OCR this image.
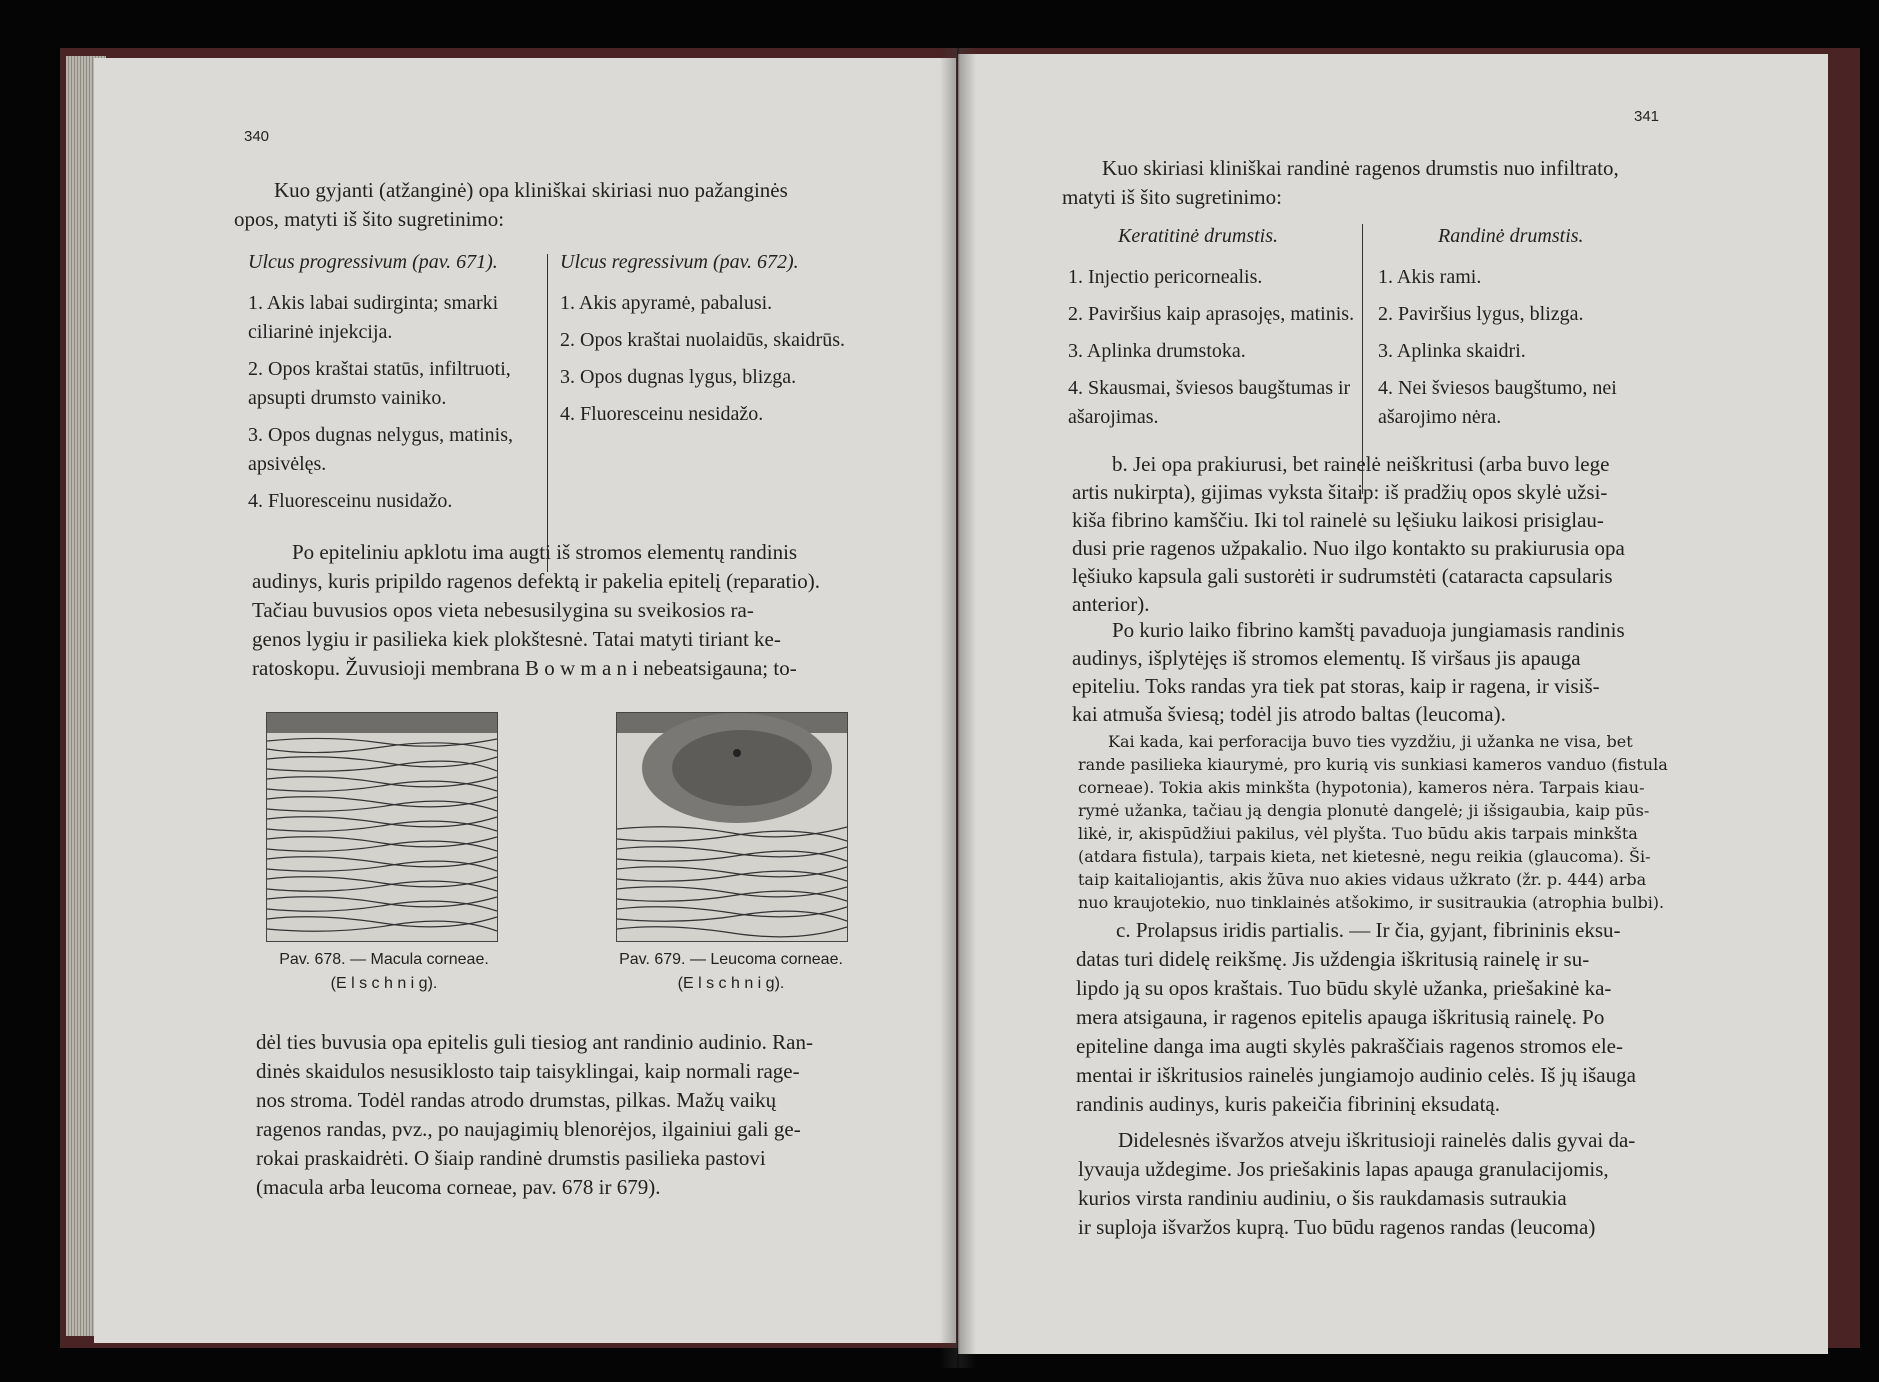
340
Kuo gyjanti (atžanginė) opa kliniškai skiriasi nuo pažanginės
opos, matyti iš šito sugretinimo:
Ulcus progressivum (pav. 671).
1. Akis labai sudirginta; smarki ciliarinė injekcija.
2. Opos kraštai statūs, infiltruoti, apsupti drumsto vainiko.
3. Opos dugnas nelygus, matinis, apsivėlęs.
4. Fluoresceinu nusidažo.
Ulcus regressivum (pav. 672).
1. Akis apyramė, pabalusi.
2. Opos kraštai nuolaidūs, skaidrūs.
3. Opos dugnas lygus, blizga.
4. Fluoresceinu nesidažo.
Po epiteliniu apklotu ima augti iš stromos elementų randinis
audinys, kuris pripildo ragenos defektą ir pakelia epitelį (reparatio).
Tačiau buvusios opos vieta nebesusilygina su sveikosios ra-
genos lygiu ir pasilieka kiek plokštesnė. Tatai matyti tiriant ke-
ratoskopu. Žuvusioji membrana B o w m a n i nebeatsigauna; to-
Pav. 678. — Macula corneae.
(E l s c h n i g).
Pav. 679. — Leucoma corneae.
(E l s c h n i g).
dėl ties buvusia opa epitelis guli tiesiog ant randinio audinio. Ran-
dinės skaidulos nesusiklosto taip taisyklingai, kaip normali rage-
nos stroma. Todėl randas atrodo drumstas, pilkas. Mažų vaikų
ragenos randas, pvz., po naujagimių blenorėjos, ilgainiui gali ge-
rokai praskaidrėti. O šiaip randinė drumstis pasilieka pastovi
(macula arba leucoma corneae, pav. 678 ir 679).
341
Kuo skiriasi kliniškai randinė ragenos drumstis nuo infiltrato,
matyti iš šito sugretinimo:
Keratitinė drumstis.
1. Injectio pericornealis.
2. Paviršius kaip aprasojęs, matinis.
3. Aplinka drumstoka.
4. Skausmai, šviesos baugštumas ir ašarojimas.
Randinė drumstis.
1. Akis rami.
2. Paviršius lygus, blizga.
3. Aplinka skaidri.
4. Nei šviesos baugštumo, nei ašarojimo nėra.
b. Jei opa prakiurusi, bet rainelė neiškritusi (arba buvo lege
artis nukirpta), gijimas vyksta šitaip: iš pradžių opos skylė užsi-
kiša fibrino kamščiu. Iki tol rainelė su lęšiuku laikosi prisiglau-
dusi prie ragenos užpakalio. Nuo ilgo kontakto su prakiurusia opa
lęšiuko kapsula gali sustorėti ir sudrumstėti (cataracta capsularis
anterior).
Po kurio laiko fibrino kamštį pavaduoja jungiamasis randinis
audinys, išplytėjęs iš stromos elementų. Iš viršaus jis apauga
epiteliu. Toks randas yra tiek pat storas, kaip ir ragena, ir visiš-
kai atmuša šviesą; todėl jis atrodo baltas (leucoma).
Kai kada, kai perforacija buvo ties vyzdžiu, ji užanka ne visa, bet
rande pasilieka kiaurymė, pro kurią vis sunkiasi kameros vanduo (fistula
corneae). Tokia akis minkšta (hypotonia), kameros nėra. Tarpais kiau-
rymė užanka, tačiau ją dengia plonutė dangelė; ji išsigaubia, kaip pūs-
likė, ir, akispūdžiui pakilus, vėl plyšta. Tuo būdu akis tarpais minkšta
(atdara fistula), tarpais kieta, net kietesnė, negu reikia (glaucoma). Ši-
taip kaitaliojantis, akis žūva nuo akies vidaus užkrato (žr. p. 444) arba
nuo kraujotekio, nuo tinklainės atšokimo, ir susitraukia (atrophia bulbi).
c. Prolapsus iridis partialis. — Ir čia, gyjant, fibrininis eksu-
datas turi didelę reikšmę. Jis uždengia iškritusią rainelę ir su-
lipdo ją su opos kraštais. Tuo būdu skylė užanka, priešakinė ka-
mera atsigauna, ir ragenos epitelis apauga iškritusią rainelę. Po
epiteline danga ima augti skylės pakraščiais ragenos stromos ele-
mentai ir iškritusios rainelės jungiamojo audinio celės. Iš jų išauga
randinis audinys, kuris pakeičia fibrininį eksudatą.
Didelesnės išvaržos atveju iškritusioji rainelės dalis gyvai da-
lyvauja uždegime. Jos priešakinis lapas apauga granulacijomis,
kurios virsta randiniu audiniu, o šis raukdamasis sutraukia
ir suploja išvaržos kuprą. Tuo būdu ragenos randas (leucoma)
